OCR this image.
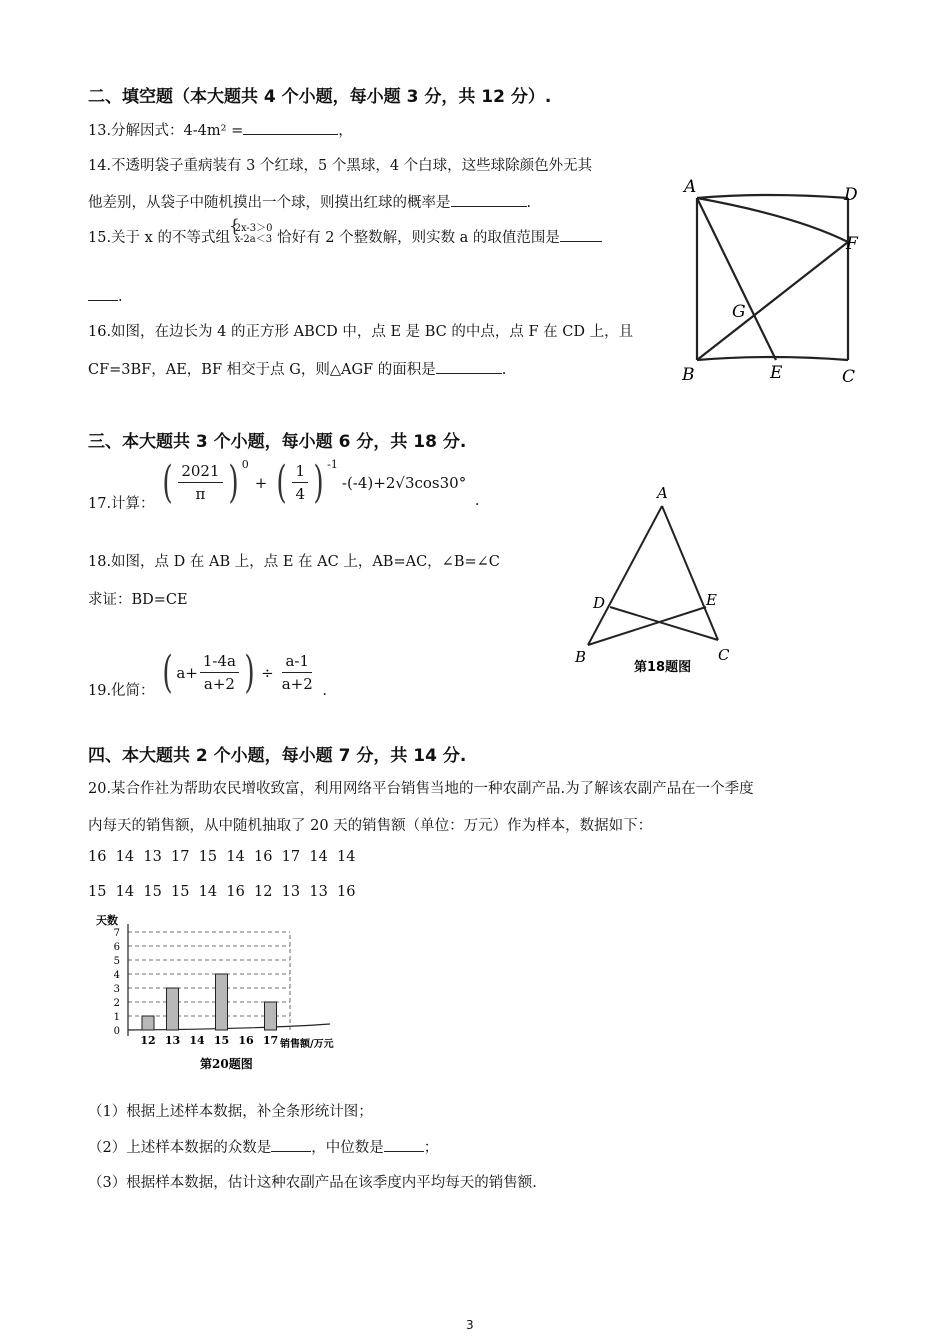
二、填空题（本大题共 4 个小题，每小题 3 分，共 12 分）.
13.分解因式：4-4m² =	，
14.不透明袋子重病装有 3 个红球，5 个黑球，4 个白球，这些球除颜色外无其
他差别，从袋子中随机摸出一个球，则摸出红球的概率是	.
15.关于 x 的不等式组
{
2x-3＞0
x-2a＜3 恰好有 2 个整数解，则实数 a 的取值范围是
.
16.如图，在边长为 4 的正方形 ABCD 中，点 E 是 BC 的中点，点 F 在 CD 上，且
CF=3BF，AE，BF 相交于点 G，则△AGF 的面积是	.
A	D
F
G
B	E	C
三、本大题共 3 个小题，每小题 6 分，共 18 分.
17.计算： ( $\frac{2021}{\pi}$ ) 0
+ ( $\frac{1}{4}$ ) -1
-(-4)+2√3cos30°
.
18.如图，点 D 在 AB 上，点 E 在 AC 上，AB=AC，∠B=∠C
求证：BD=CE
19.化简： ( $a+ \frac{1-4a}{a+2}$ ) ÷ $\frac{a-1}{a+2}$ .
A
D	E
B	C
第18题图
四、本大题共 2 个小题，每小题 7 分，共 14 分.
20.某合作社为帮助农民增收致富，利用网络平台销售当地的一种农副产品.为了解该农副产品在一个季度
内每天的销售额，从中随机抽取了 20 天的销售额（单位：万元）作为样本，数据如下：
16  14  13  17  15  14  16  17  14  14
15  14  15  15  14  16  12  13  13  16
天数
销售额/万元
第20题图
0
1
2
3
4
5
6
7
12 13 14 15 16 17
（1）根据上述样本数据，补全条形统计图；
（2）上述样本数据的众数是	，中位数是	；
（3）根据样本数据，估计这种农副产品在该季度内平均每天的销售额.
3
